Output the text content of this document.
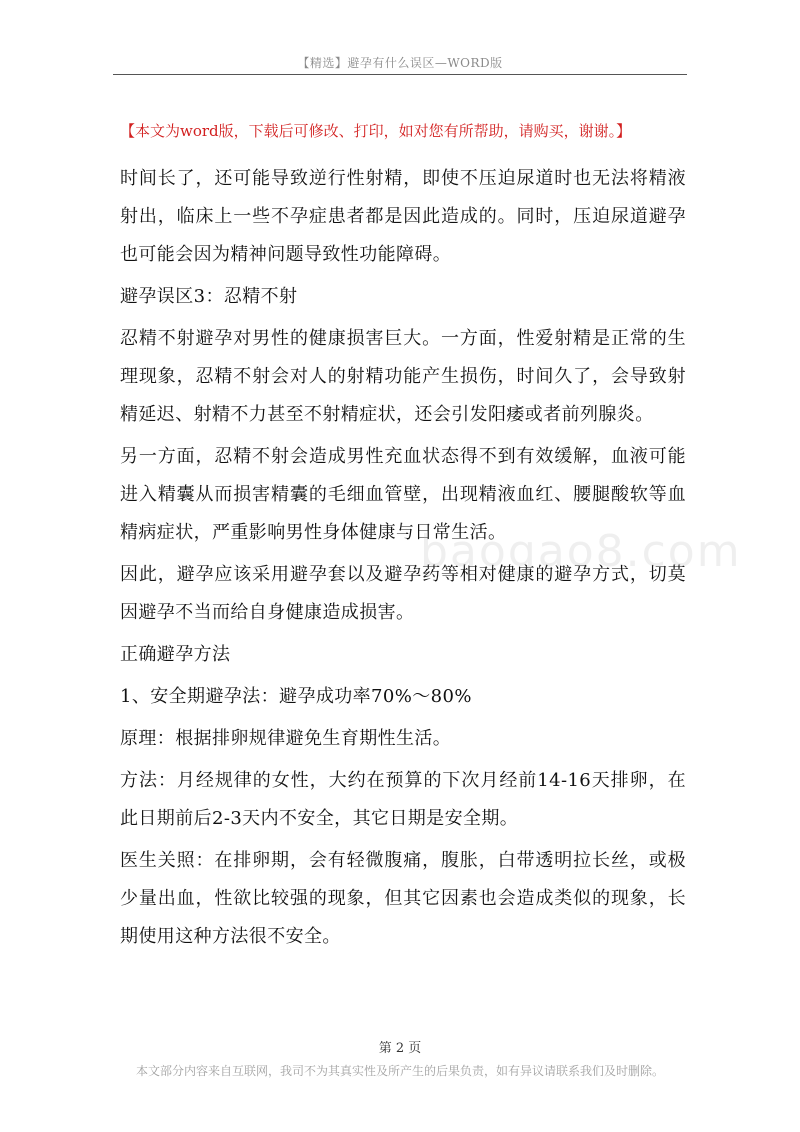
【精选】避孕有什么误区—WORD版
【本文为word版，下载后可修改、打印，如对您有所帮助，请购买，谢谢。】

时间长了，还可能导致逆行性射精，即使不压迫尿道时也无法将精液射出，临床上一些不孕症患者都是因此造成的。同时，压迫尿道避孕也可能会因为精神问题导致性功能障碍。

避孕误区3：忍精不射

忍精不射避孕对男性的健康损害巨大。一方面，性爱射精是正常的生理现象，忍精不射会对人的射精功能产生损伤，时间久了，会导致射精延迟、射精不力甚至不射精症状，还会引发阳痿或者前列腺炎。

另一方面，忍精不射会造成男性充血状态得不到有效缓解，血液可能进入精囊从而损害精囊的毛细血管壁，出现精液血红、腰腿酸软等血精病症状，严重影响男性身体健康与日常生活。

因此，避孕应该采用避孕套以及避孕药等相对健康的避孕方式，切莫因避孕不当而给自身健康造成损害。

正确避孕方法

1、安全期避孕法：避孕成功率70%～80%

原理：根据排卵规律避免生育期性生活。

方法：月经规律的女性，大约在预算的下次月经前14-16天排卵，在此日期前后2-3天内不安全，其它日期是安全期。

医生关照：在排卵期，会有轻微腹痛，腹胀，白带透明拉长丝，或极少量出血，性欲比较强的现象，但其它因素也会造成类似的现象，长期使用这种方法很不安全。

baogao8.com
第 2 页
本文部分内容来自互联网，我司不为其真实性及所产生的后果负责，如有异议请联系我们及时删除。
